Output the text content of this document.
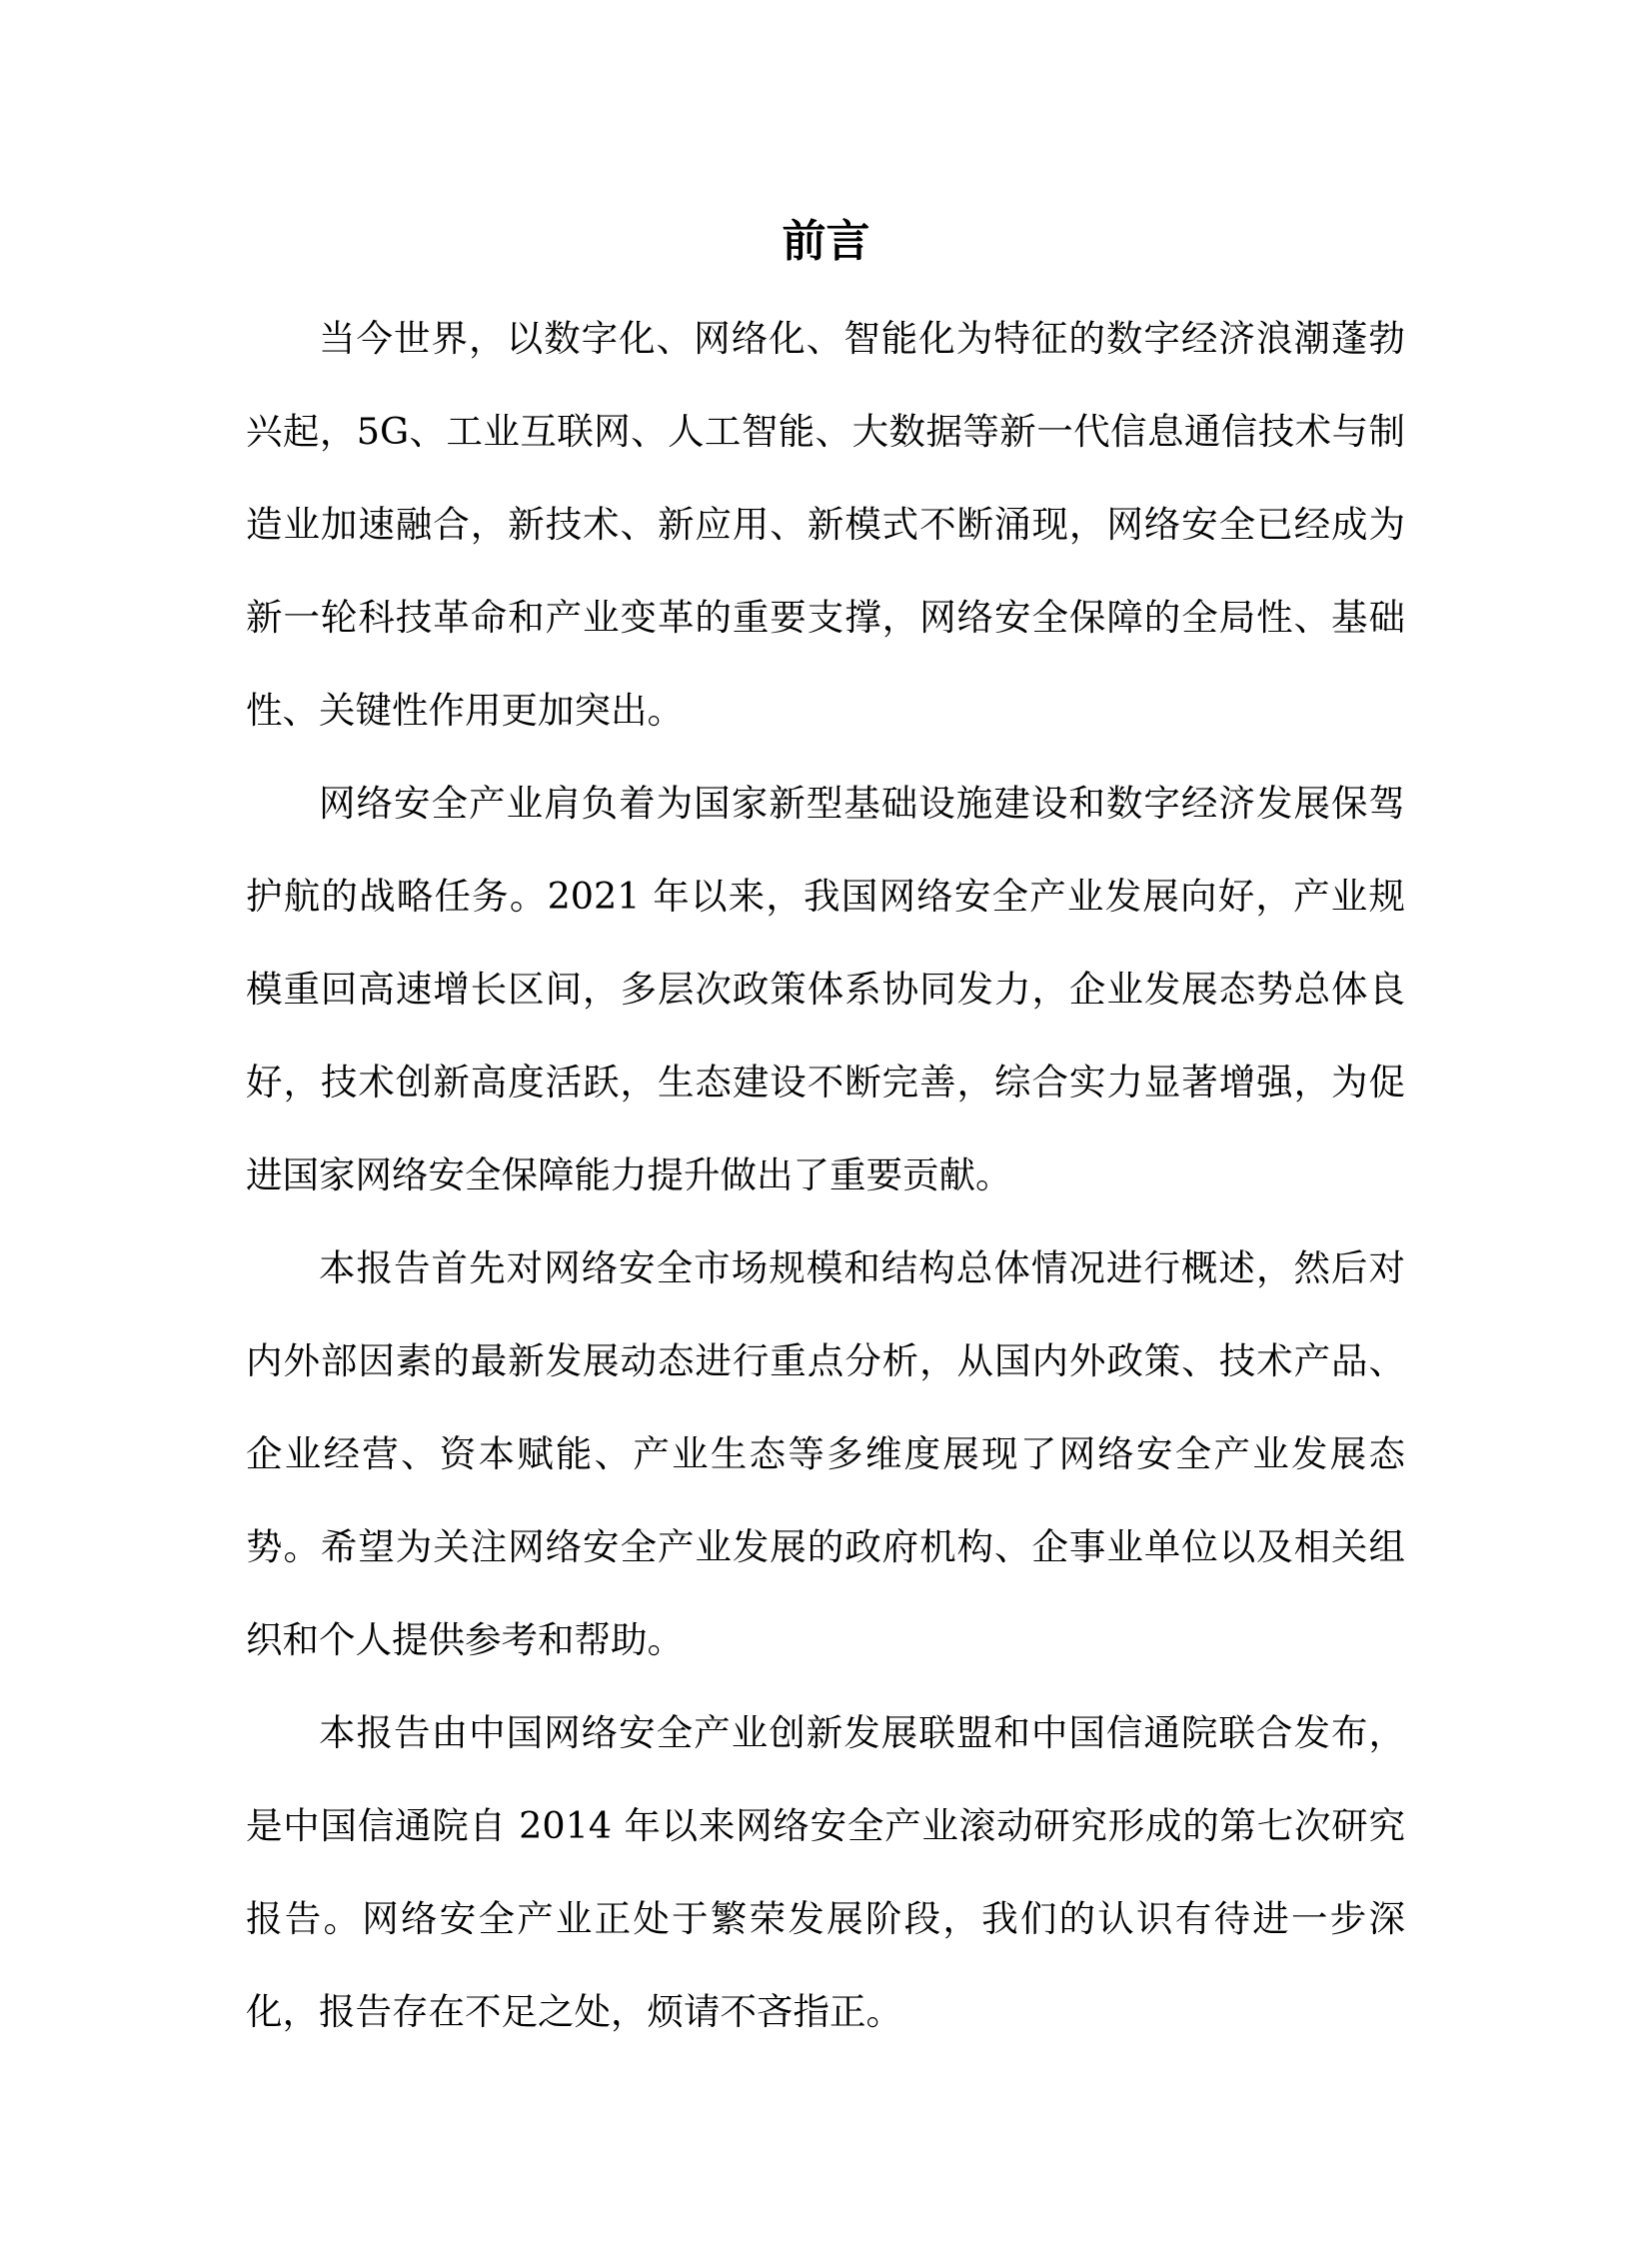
前言

当今世界，以数字化、网络化、智能化为特征的数字经济浪潮蓬勃兴起，5G、工业互联网、人工智能、大数据等新一代信息通信技术与制造业加速融合，新技术、新应用、新模式不断涌现，网络安全已经成为新一轮科技革命和产业变革的重要支撑，网络安全保障的全局性、基础性、关键性作用更加突出。

网络安全产业肩负着为国家新型基础设施建设和数字经济发展保驾护航的战略任务。2021 年以来，我国网络安全产业发展向好，产业规模重回高速增长区间，多层次政策体系协同发力，企业发展态势总体良好，技术创新高度活跃，生态建设不断完善，综合实力显著增强，为促进国家网络安全保障能力提升做出了重要贡献。

本报告首先对网络安全市场规模和结构总体情况进行概述，然后对内外部因素的最新发展动态进行重点分析，从国内外政策、技术产品、企业经营、资本赋能、产业生态等多维度展现了网络安全产业发展态势。希望为关注网络安全产业发展的政府机构、企事业单位以及相关组织和个人提供参考和帮助。

本报告由中国网络安全产业创新发展联盟和中国信通院联合发布，是中国信通院自 2014 年以来网络安全产业滚动研究形成的第七次研究报告。网络安全产业正处于繁荣发展阶段，我们的认识有待进一步深化，报告存在不足之处，烦请不吝指正。
